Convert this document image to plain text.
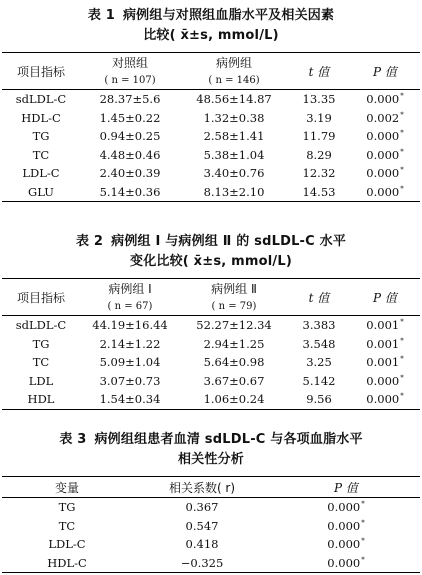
表 1 病例组与对照组血脂水平及相关因素
比较( x̄±s, mmol/L)
项目指标	对照组	病例组	t 值	P 值
	( n = 107)	( n = 146)		
sdLDL-C	28.37±5.6	48.56±14.87	13.35	0.000*
HDL-C	1.45±0.22	1.32±0.38	3.19	0.002*
TG	0.94±0.25	2.58±1.41	11.79	0.000*
TC	4.48±0.46	5.38±1.04	8.29	0.000*
LDL-C	2.40±0.39	3.40±0.76	12.32	0.000*
GLU	5.14±0.36	8.13±2.10	14.53	0.000*
表 2 病例组 Ⅰ 与病例组 Ⅱ 的 sdLDL-C 水平
变化比较( x̄±s, mmol/L)
项目指标	病例组 Ⅰ	病例组 Ⅱ	t 值	P 值
	( n = 67)	( n = 79)		
sdLDL-C	44.19±16.44	52.27±12.34	3.383	0.001*
TG	2.14±1.22	2.94±1.25	3.548	0.001*
TC	5.09±1.04	5.64±0.98	3.25	0.001*
LDL	3.07±0.73	3.67±0.67	5.142	0.000*
HDL	1.54±0.34	1.06±0.24	9.56	0.000*
表 3 病例组组患者血清 sdLDL-C 与各项血脂水平
相关性分析
变量	相关系数( r)	P 值
TG	0.367	0.000*
TC	0.547	0.000*
LDL-C	0.418	0.000*
HDL-C	−0.325	0.000*
